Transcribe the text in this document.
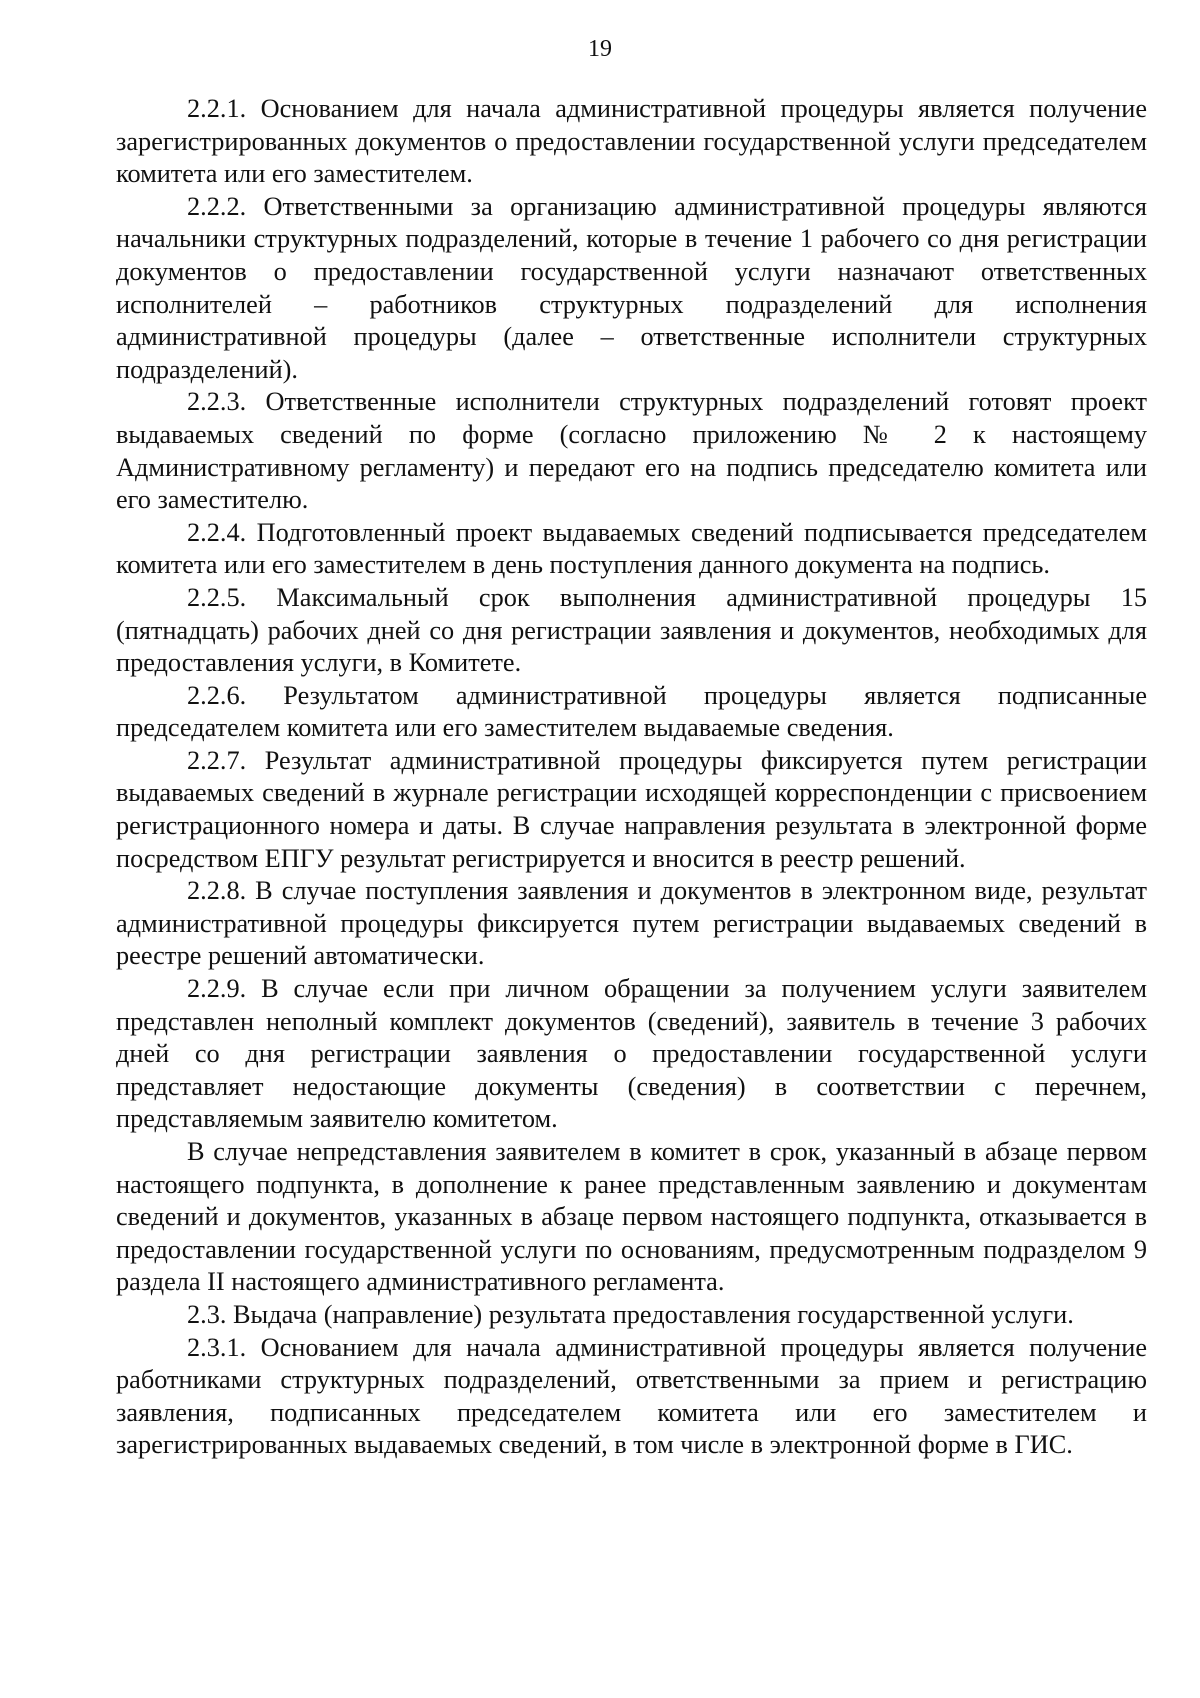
19

2.2.1. Основанием для начала административной процедуры является получение зарегистрированных документов о предоставлении государственной услуги председателем комитета или его заместителем.

2.2.2. Ответственными за организацию административной процедуры являются начальники структурных подразделений, которые в течение 1 рабочего со дня регистрации документов о предоставлении государственной услуги назначают ответственных исполнителей – работников структурных подразделений для исполнения административной процедуры (далее – ответственные исполнители структурных подразделений).

2.2.3. Ответственные исполнители структурных подразделений готовят проект выдаваемых сведений по форме (согласно приложению № 2 к настоящему Административному регламенту) и передают его на подпись председателю комитета или его заместителю.

2.2.4. Подготовленный проект выдаваемых сведений подписывается председателем комитета или его заместителем в день поступления данного документа на подпись.

2.2.5. Максимальный срок выполнения административной процедуры 15 (пятнадцать) рабочих дней со дня регистрации заявления и документов, необходимых для предоставления услуги, в Комитете.

2.2.6. Результатом административной процедуры является подписанные председателем комитета или его заместителем выдаваемые сведения.

2.2.7. Результат административной процедуры фиксируется путем регистрации выдаваемых сведений в журнале регистрации исходящей корреспонденции с присвоением регистрационного номера и даты. В случае направления результата в электронной форме посредством ЕПГУ результат регистрируется и вносится в реестр решений.

2.2.8. В случае поступления заявления и документов в электронном виде, результат административной процедуры фиксируется путем регистрации выдаваемых сведений в реестре решений автоматически.

2.2.9. В случае если при личном обращении за получением услуги заявителем представлен неполный комплект документов (сведений), заявитель в течение 3 рабочих дней со дня регистрации заявления о предоставлении государственной услуги представляет недостающие документы (сведения) в соответствии с перечнем, представляемым заявителю комитетом.

В случае непредставления заявителем в комитет в срок, указанный в абзаце первом настоящего подпункта, в дополнение к ранее представленным заявлению и документам сведений и документов, указанных в абзаце первом настоящего подпункта, отказывается в предоставлении государственной услуги по основаниям, предусмотренным подразделом 9 раздела II настоящего административного регламента.

2.3. Выдача (направление) результата предоставления государственной услуги.

2.3.1. Основанием для начала административной процедуры является получение работниками структурных подразделений, ответственными за прием и регистрацию заявления, подписанных председателем комитета или его заместителем и зарегистрированных выдаваемых сведений, в том числе в электронной форме в ГИС.
